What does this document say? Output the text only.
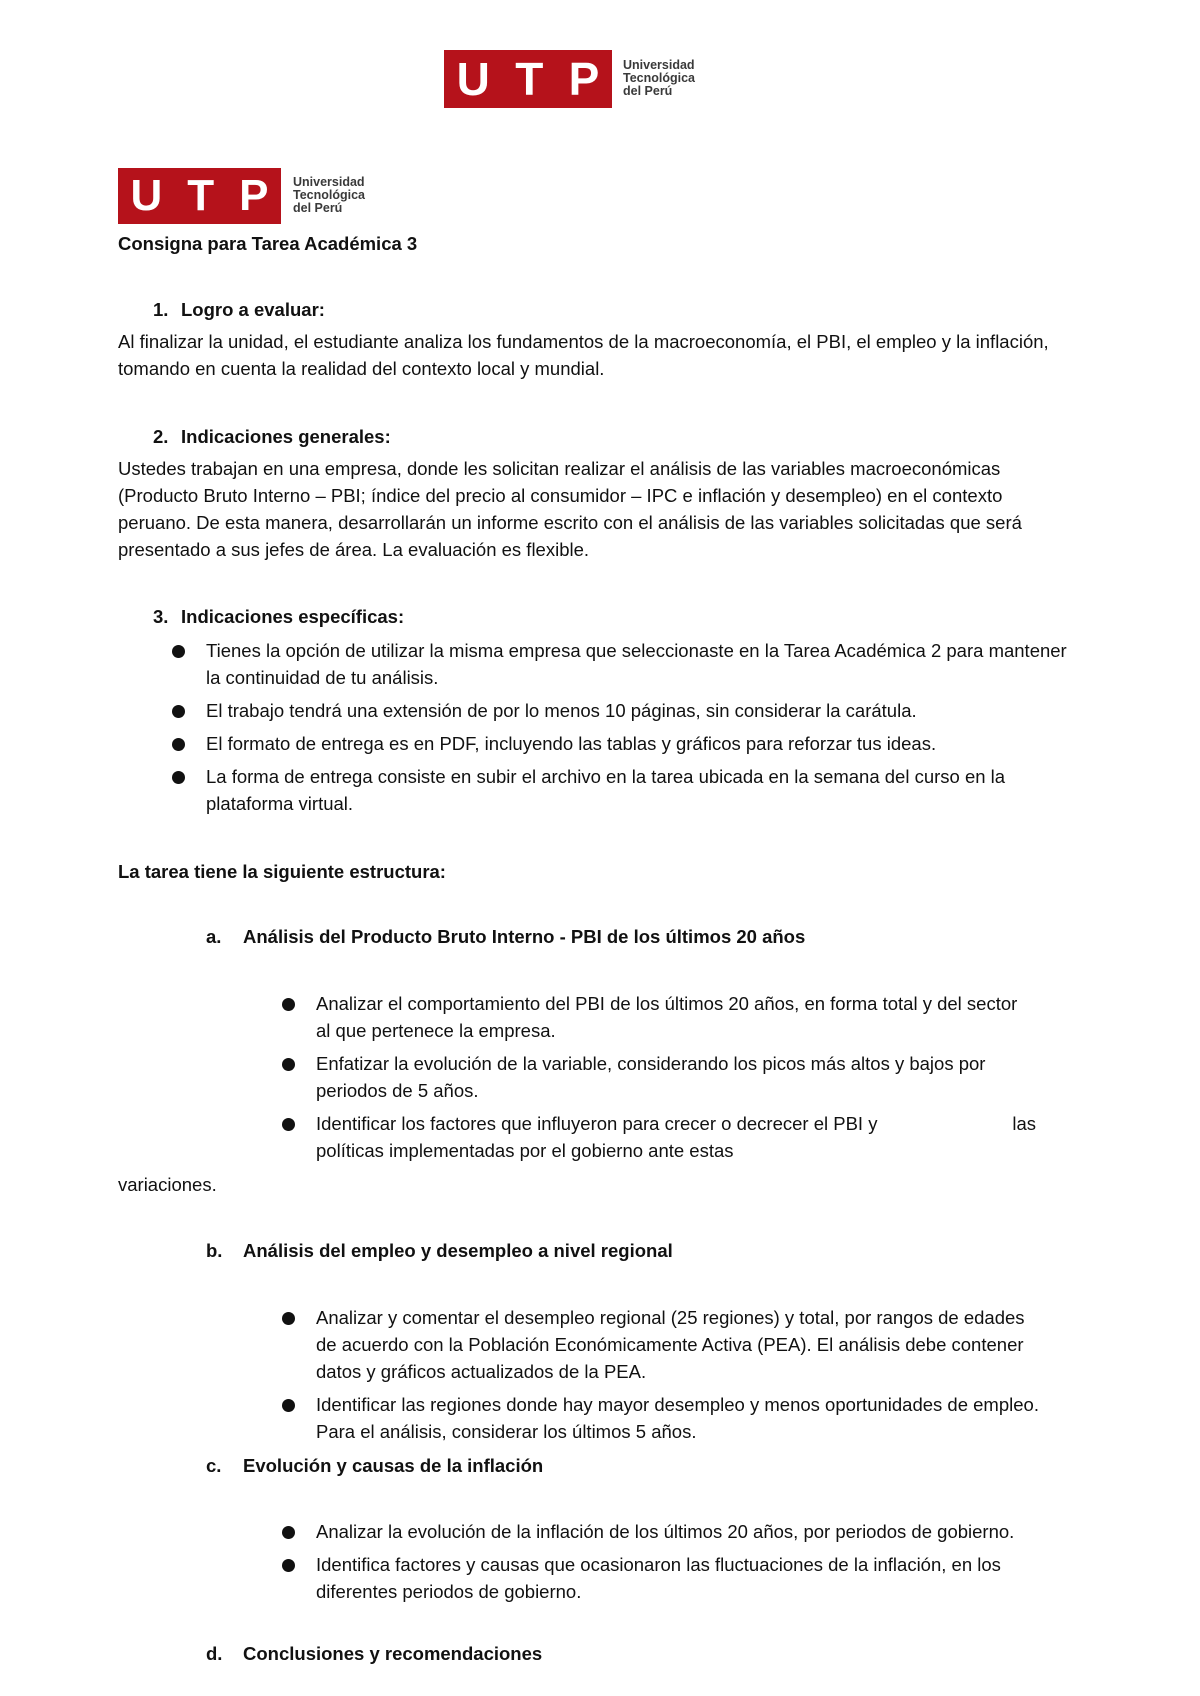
U T P Universidad
Tecnológica
del Perú
U T P Universidad
Tecnológica
del Perú

Consigna para Tarea Académica 3

1. Logro a evaluar:

Al finalizar la unidad, el estudiante analiza los fundamentos de la macroeconomía, el PBI, el empleo y la inflación, tomando en cuenta la realidad del contexto local y mundial.

2. Indicaciones generales:

Ustedes trabajan en una empresa, donde les solicitan realizar el análisis de las variables macroeconómicas (Producto Bruto Interno – PBI; índice del precio al consumidor – IPC e inflación y desempleo) en el contexto peruano. De esta manera, desarrollarán un informe escrito con el análisis de las variables solicitadas que será presentado a sus jefes de área. La evaluación es flexible.

3. Indicaciones específicas:
Tienes la opción de utilizar la misma empresa que seleccionaste en la Tarea Académica 2 para mantener la continuidad de tu análisis.
El trabajo tendrá una extensión de por lo menos 10 páginas, sin considerar la carátula.
El formato de entrega es en PDF, incluyendo las tablas y gráficos para reforzar tus ideas.
La forma de entrega consiste en subir el archivo en la tarea ubicada en la semana del curso en la plataforma virtual.

La tarea tiene la siguiente estructura:

a.	Análisis del Producto Bruto Interno - PBI de los últimos 20 años
Analizar el comportamiento del PBI de los últimos 20 años, en forma total y del sector al que pertenece la empresa.
Enfatizar la evolución de la variable, considerando los picos más altos y bajos por periodos de 5 años.
Identificar los factores que influyeron para crecer o decrecer el PBI y	las
políticas implementadas por el gobierno ante estas

variaciones.

b.	Análisis del empleo y desempleo a nivel regional
Analizar y comentar el desempleo regional (25 regiones) y total, por rangos de edades de acuerdo con la Población Económicamente Activa (PEA). El análisis debe contener datos y gráficos actualizados de la PEA.
Identificar las regiones donde hay mayor desempleo y menos oportunidades de empleo. Para el análisis, considerar los últimos 5 años.
c.	Evolución y causas de la inflación
Analizar la evolución de la inflación de los últimos 20 años, por periodos de gobierno.
Identifica factores y causas que ocasionaron las fluctuaciones de la inflación, en los diferentes periodos de gobierno.
d.	Conclusiones y recomendaciones
